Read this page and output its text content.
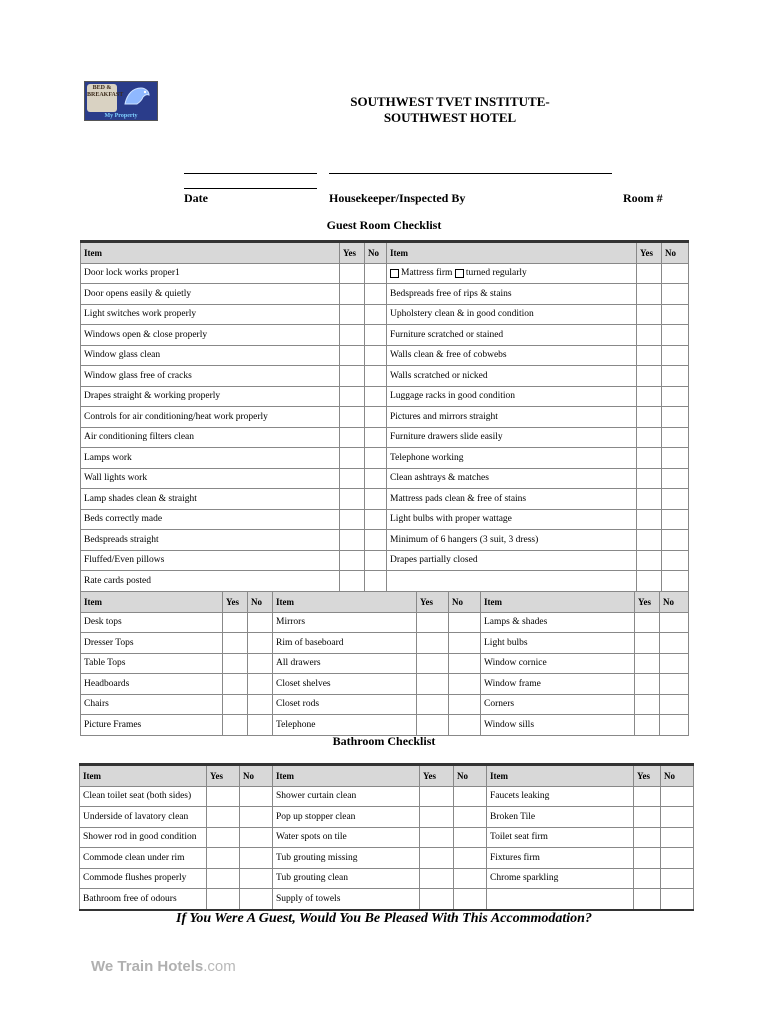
BED & BREAKFAST
My Property
SOUTHWEST TVET INSTITUTE-
SOUTHWEST HOTEL
Date	Housekeeper/Inspected By	Room #
Guest Room Checklist
Item	Yes	No	Item	Yes	No
Door lock works proper1			Mattress firm turned regularly		
Door opens easily & quietly			Bedspreads free of rips & stains		
Light switches work properly			Upholstery clean & in good condition		
Windows open & close properly			Furniture scratched or stained		
Window glass clean			Walls clean & free of cobwebs		
Window glass free of cracks			Walls scratched or nicked		
Drapes straight & working properly			Luggage racks in good condition		
Controls for air conditioning/heat work properly			Pictures and mirrors straight		
Air conditioning filters clean			Furniture drawers slide easily		
Lamps work			Telephone working		
Wall lights work			Clean ashtrays & matches		
Lamp shades clean & straight			Mattress pads clean & free of stains		
Beds correctly made			Light bulbs with proper wattage		
Bedspreads straight			Minimum of 6 hangers (3 suit, 3 dress)		
Fluffed/Even pillows			Drapes partially closed		
Rate cards posted					
Item	Yes	No	Item	Yes	No	Item	Yes	No
Desk tops			Mirrors			Lamps & shades		
Dresser Tops			Rim of baseboard			Light bulbs		
Table Tops			All drawers			Window cornice		
Headboards			Closet shelves			Window frame		
Chairs			Closet rods			Corners		
Picture Frames			Telephone			Window sills		
Bathroom Checklist
Item	Yes	No	Item	Yes	No	Item	Yes	No
Clean toilet seat (both sides)			Shower curtain clean			Faucets leaking		
Underside of lavatory clean			Pop up stopper clean			Broken Tile		
Shower rod in good condition			Water spots on tile			Toilet seat firm		
Commode clean under rim			Tub grouting missing			Fixtures firm		
Commode flushes properly			Tub grouting clean			Chrome sparkling		
Bathroom free of odours			Supply of towels					
If You Were A Guest, Would You Be Pleased With This Accommodation?
We Train Hotels.com
